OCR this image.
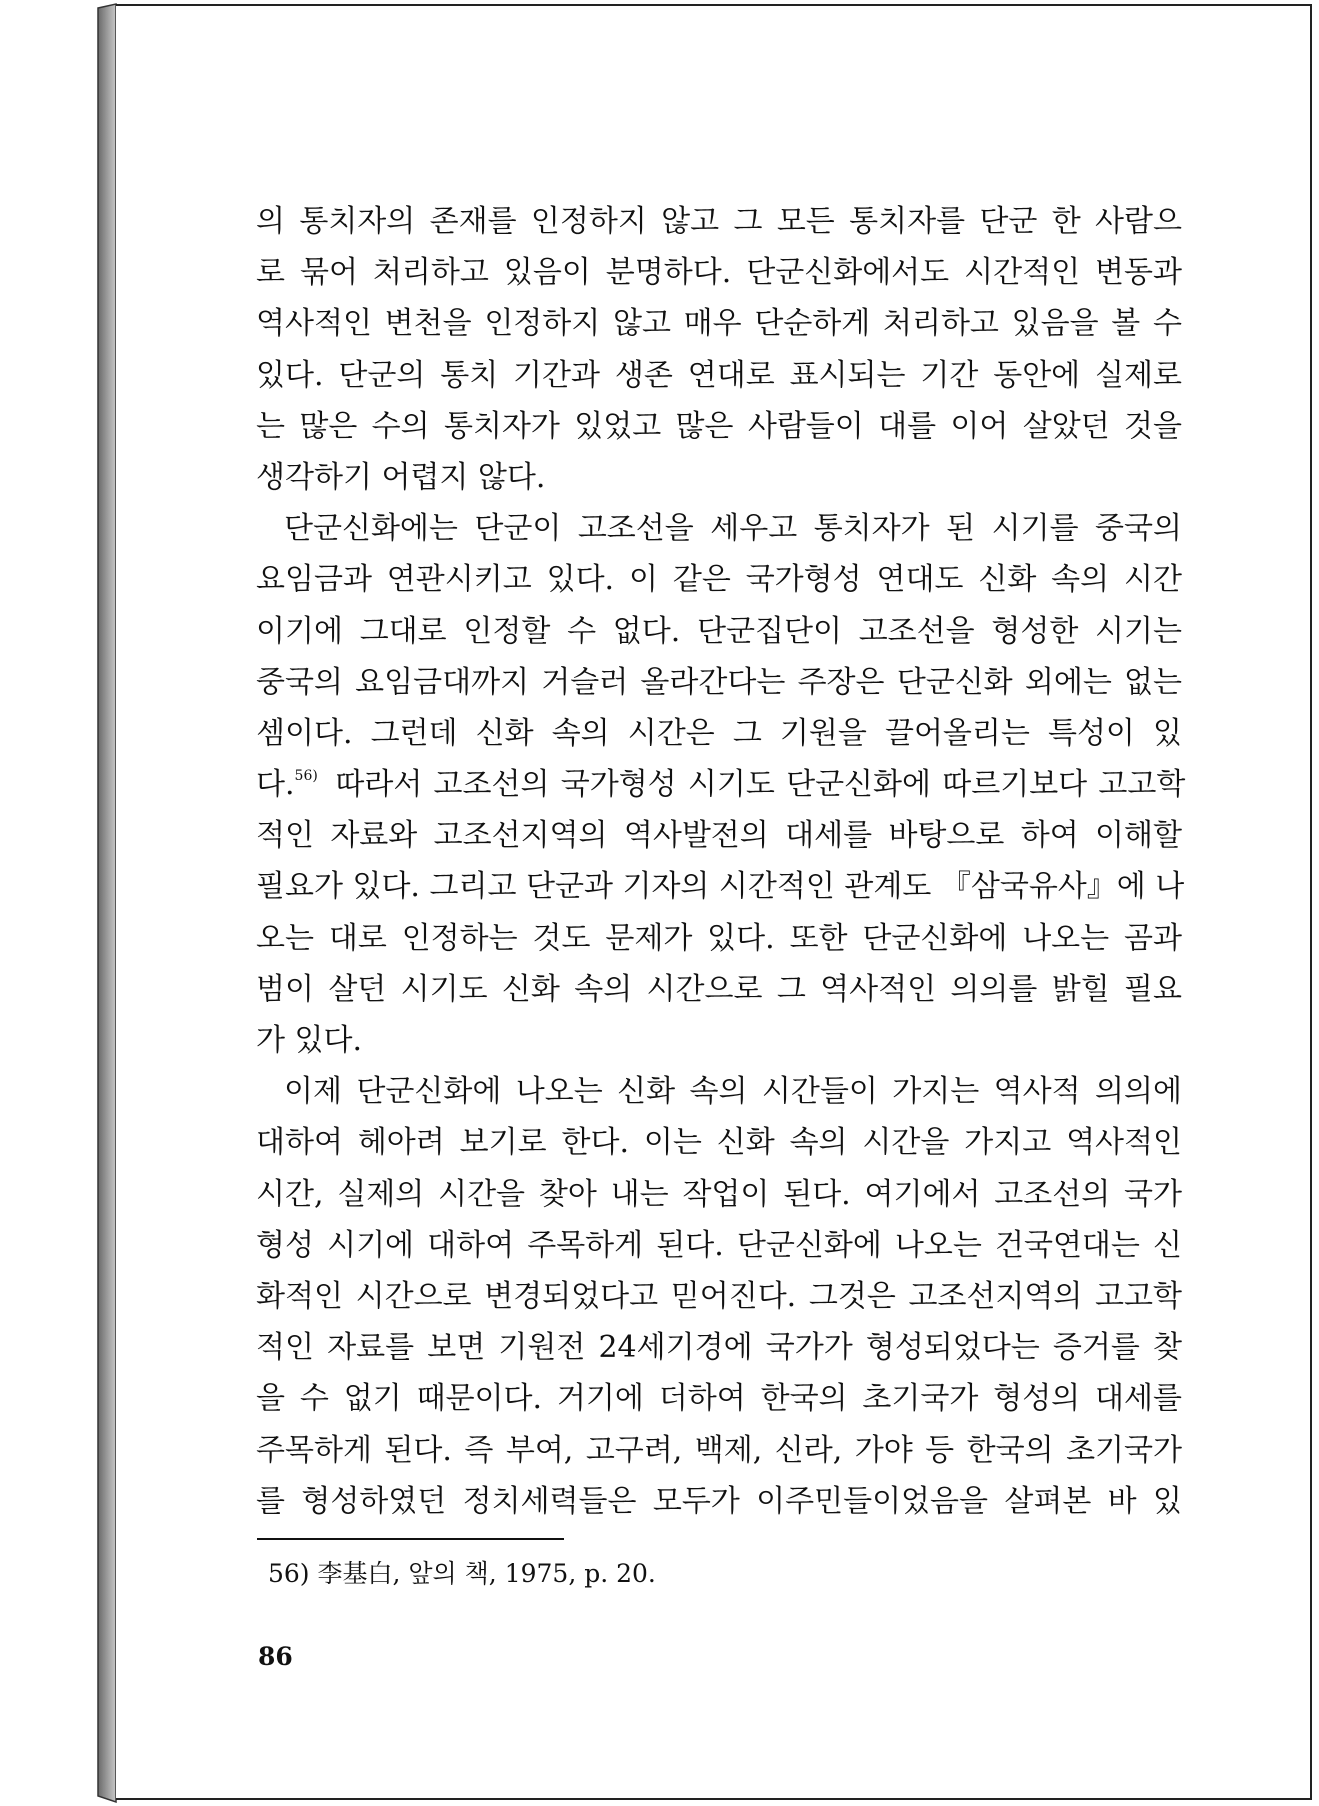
의 통치자의 존재를 인정하지 않고 그 모든 통치자를 단군 한 사람으
로 묶어 처리하고 있음이 분명하다. 단군신화에서도 시간적인 변동과
역사적인 변천을 인정하지 않고 매우 단순하게 처리하고 있음을 볼 수
있다. 단군의 통치 기간과 생존 연대로 표시되는 기간 동안에 실제로
는 많은 수의 통치자가 있었고 많은 사람들이 대를 이어 살았던 것을
생각하기 어렵지 않다.
단군신화에는 단군이 고조선을 세우고 통치자가 된 시기를 중국의
요임금과 연관시키고 있다. 이 같은 국가형성 연대도 신화 속의 시간
이기에 그대로 인정할 수 없다. 단군집단이 고조선을 형성한 시기는
중국의 요임금대까지 거슬러 올라간다는 주장은 단군신화 외에는 없는
셈이다. 그런데 신화 속의 시간은 그 기원을 끌어올리는 특성이 있
다.$^{56)}$ 따라서 고조선의 국가형성 시기도 단군신화에 따르기보다 고고학
적인 자료와 고조선지역의 역사발전의 대세를 바탕으로 하여 이해할
필요가 있다. 그리고 단군과 기자의 시간적인 관계도 『삼국유사』에 나
오는 대로 인정하는 것도 문제가 있다. 또한 단군신화에 나오는 곰과
범이 살던 시기도 신화 속의 시간으로 그 역사적인 의의를 밝힐 필요
가 있다.
이제 단군신화에 나오는 신화 속의 시간들이 가지는 역사적 의의에
대하여 헤아려 보기로 한다. 이는 신화 속의 시간을 가지고 역사적인
시간, 실제의 시간을 찾아 내는 작업이 된다. 여기에서 고조선의 국가
형성 시기에 대하여 주목하게 된다. 단군신화에 나오는 건국연대는 신
화적인 시간으로 변경되었다고 믿어진다. 그것은 고조선지역의 고고학
적인 자료를 보면 기원전 24세기경에 국가가 형성되었다는 증거를 찾
을 수 없기 때문이다. 거기에 더하여 한국의 초기국가 형성의 대세를
주목하게 된다. 즉 부여, 고구려, 백제, 신라, 가야 등 한국의 초기국가
를 형성하였던 정치세력들은 모두가 이주민들이었음을 살펴본 바 있
56) 李基白, 앞의 책, 1975, p. 20.
86
